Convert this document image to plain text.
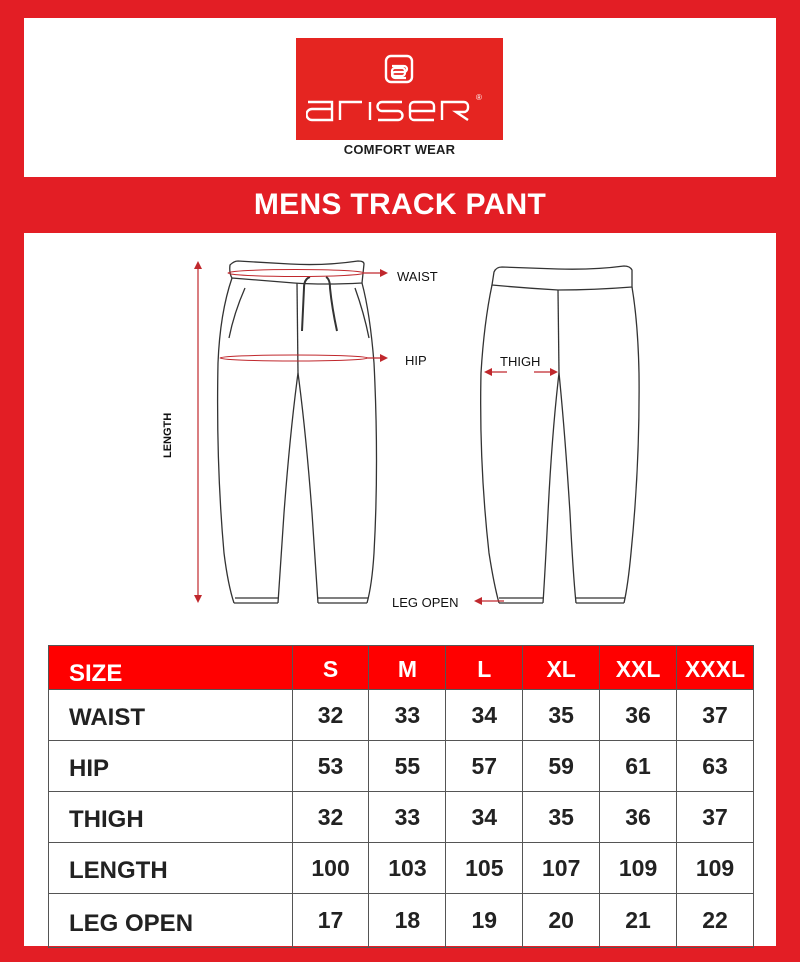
®
COMFORT WEAR
MENS TRACK PANT
WAIST
HIP
LENGTH
THIGH
LEG OPEN
SIZE	S	M	L	XL	XXL	XXXL
WAIST	32	33	34	35	36	37
HIP	53	55	57	59	61	63
THIGH	32	33	34	35	36	37
LENGTH	100	103	105	107	109	109
LEG OPEN	17	18	19	20	21	22
